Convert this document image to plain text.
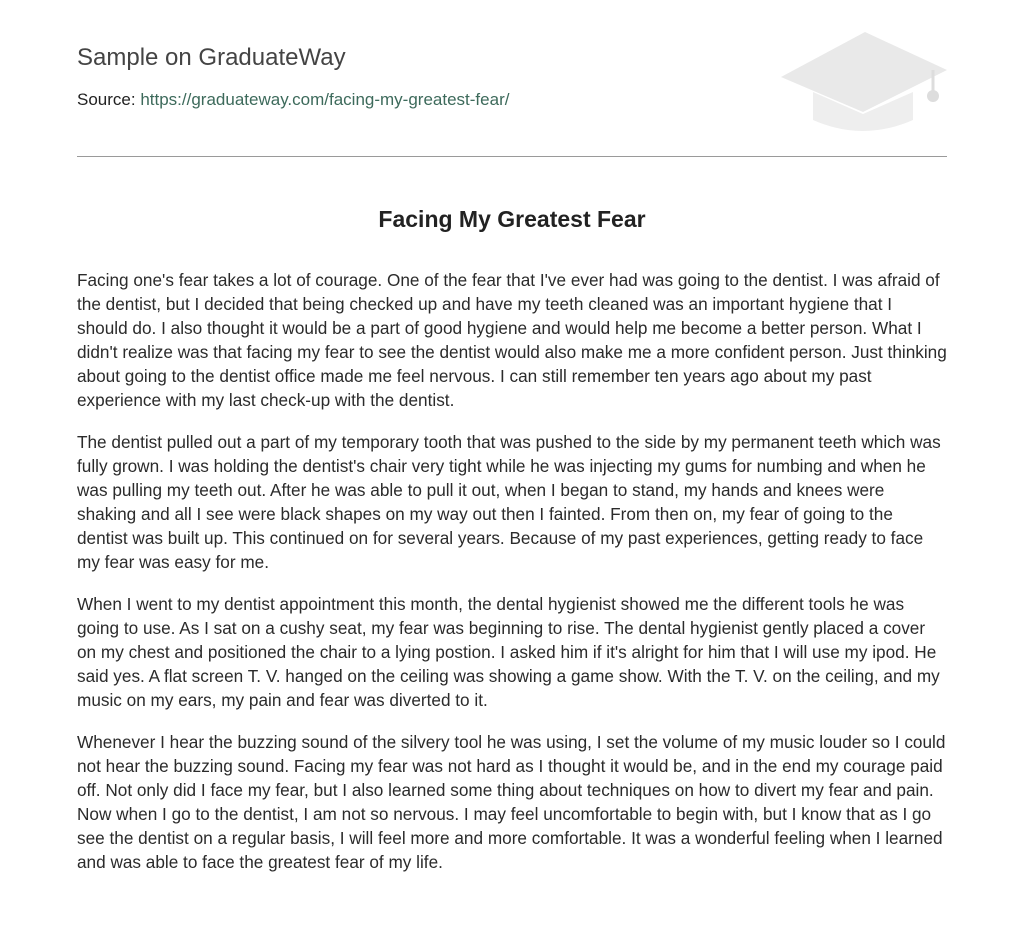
Sample on GraduateWay
Source: https://graduateway.com/facing-my-greatest-fear/
Facing My Greatest Fear

Facing one's fear takes a lot of courage. One of the fear that I've ever had was going to the dentist. I was afraid of the dentist, but I decided that being checked up and have my teeth cleaned was an important hygiene that I should do. I also thought it would be a part of good hygiene and would help me become a better person. What I didn't realize was that facing my fear to see the dentist would also make me a more confident person. Just thinking about going to the dentist office made me feel nervous. I can still remember ten years ago about my past experience with my last check-up with the dentist.

The dentist pulled out a part of my temporary tooth that was pushed to the side by my permanent teeth which was fully grown. I was holding the dentist's chair very tight while he was injecting my gums for numbing and when he was pulling my teeth out. After he was able to pull it out, when I began to stand, my hands and knees were shaking and all I see were black shapes on my way out then I fainted. From then on, my fear of going to the dentist was built up. This continued on for several years. Because of my past experiences, getting ready to face my fear was easy for me.

When I went to my dentist appointment this month, the dental hygienist showed me the different tools he was going to use. As I sat on a cushy seat, my fear was beginning to rise. The dental hygienist gently placed a cover on my chest and positioned the chair to a lying postion. I asked him if it's alright for him that I will use my ipod. He said yes. A flat screen T. V. hanged on the ceiling was showing a game show. With the T. V. on the ceiling, and my music on my ears, my pain and fear was diverted to it.

Whenever I hear the buzzing sound of the silvery tool he was using, I set the volume of my music louder so I could not hear the buzzing sound. Facing my fear was not hard as I thought it would be, and in the end my courage paid off. Not only did I face my fear, but I also learned some thing about techniques on how to divert my fear and pain. Now when I go to the dentist, I am not so nervous. I may feel uncomfortable to begin with, but I know that as I go see the dentist on a regular basis, I will feel more and more comfortable. It was a wonderful feeling when I learned and was able to face the greatest fear of my life.
